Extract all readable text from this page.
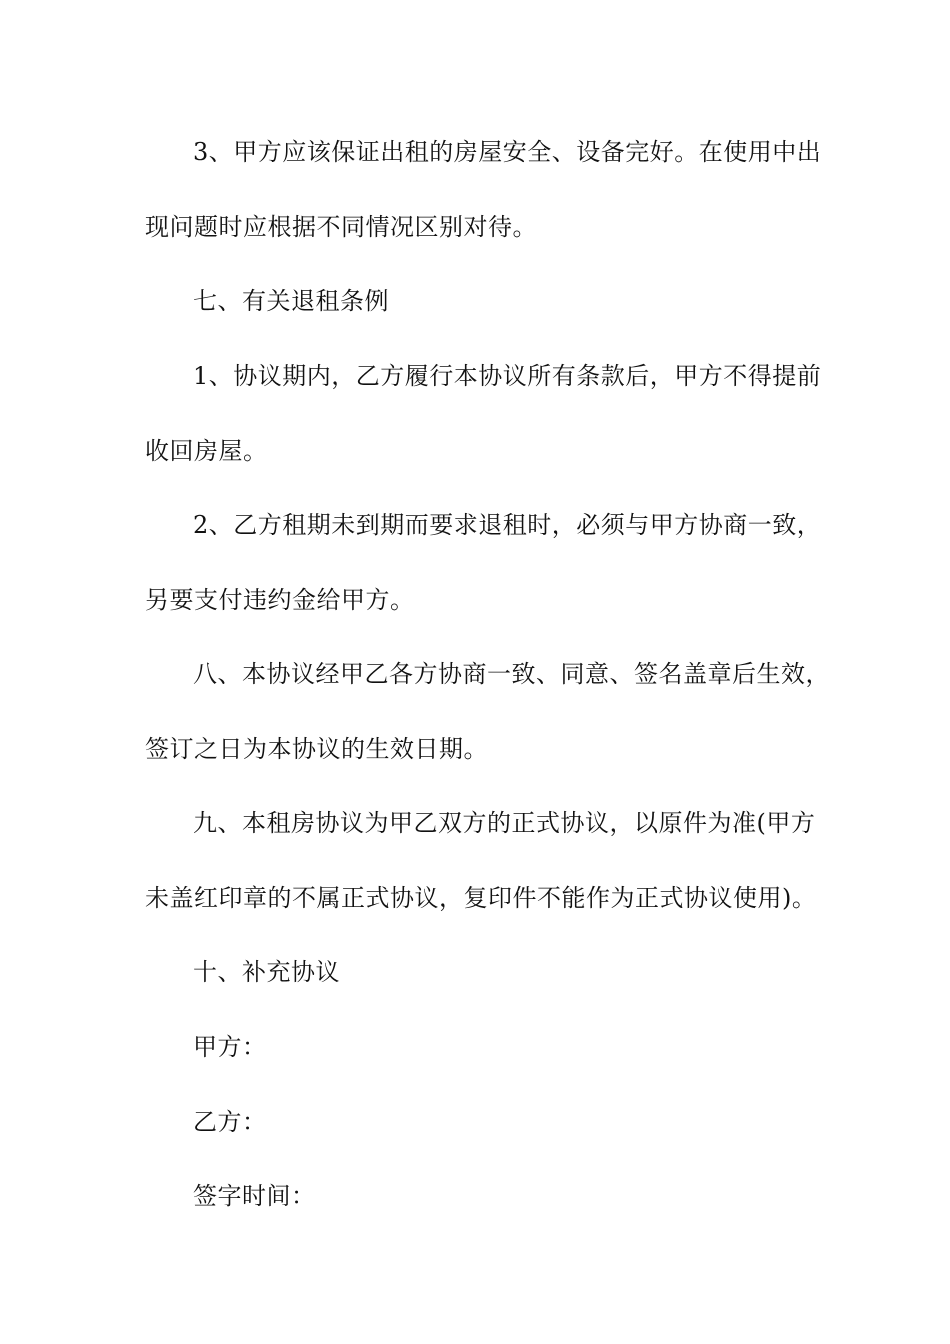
3、甲方应该保证出租的房屋安全、设备完好。在使用中出
现问题时应根据不同情况区别对待。
七、有关退租条例
1、协议期内，乙方履行本协议所有条款后，甲方不得提前
收回房屋。
2、乙方租期未到期而要求退租时，必须与甲方协商一致，
另要支付违约金给甲方。
八、本协议经甲乙各方协商一致、同意、签名盖章后生效，
签订之日为本协议的生效日期。
九、本租房协议为甲乙双方的正式协议，以原件为准(甲方
未盖红印章的不属正式协议，复印件不能作为正式协议使用)。
十、补充协议
甲方：
乙方：
签字时间：
